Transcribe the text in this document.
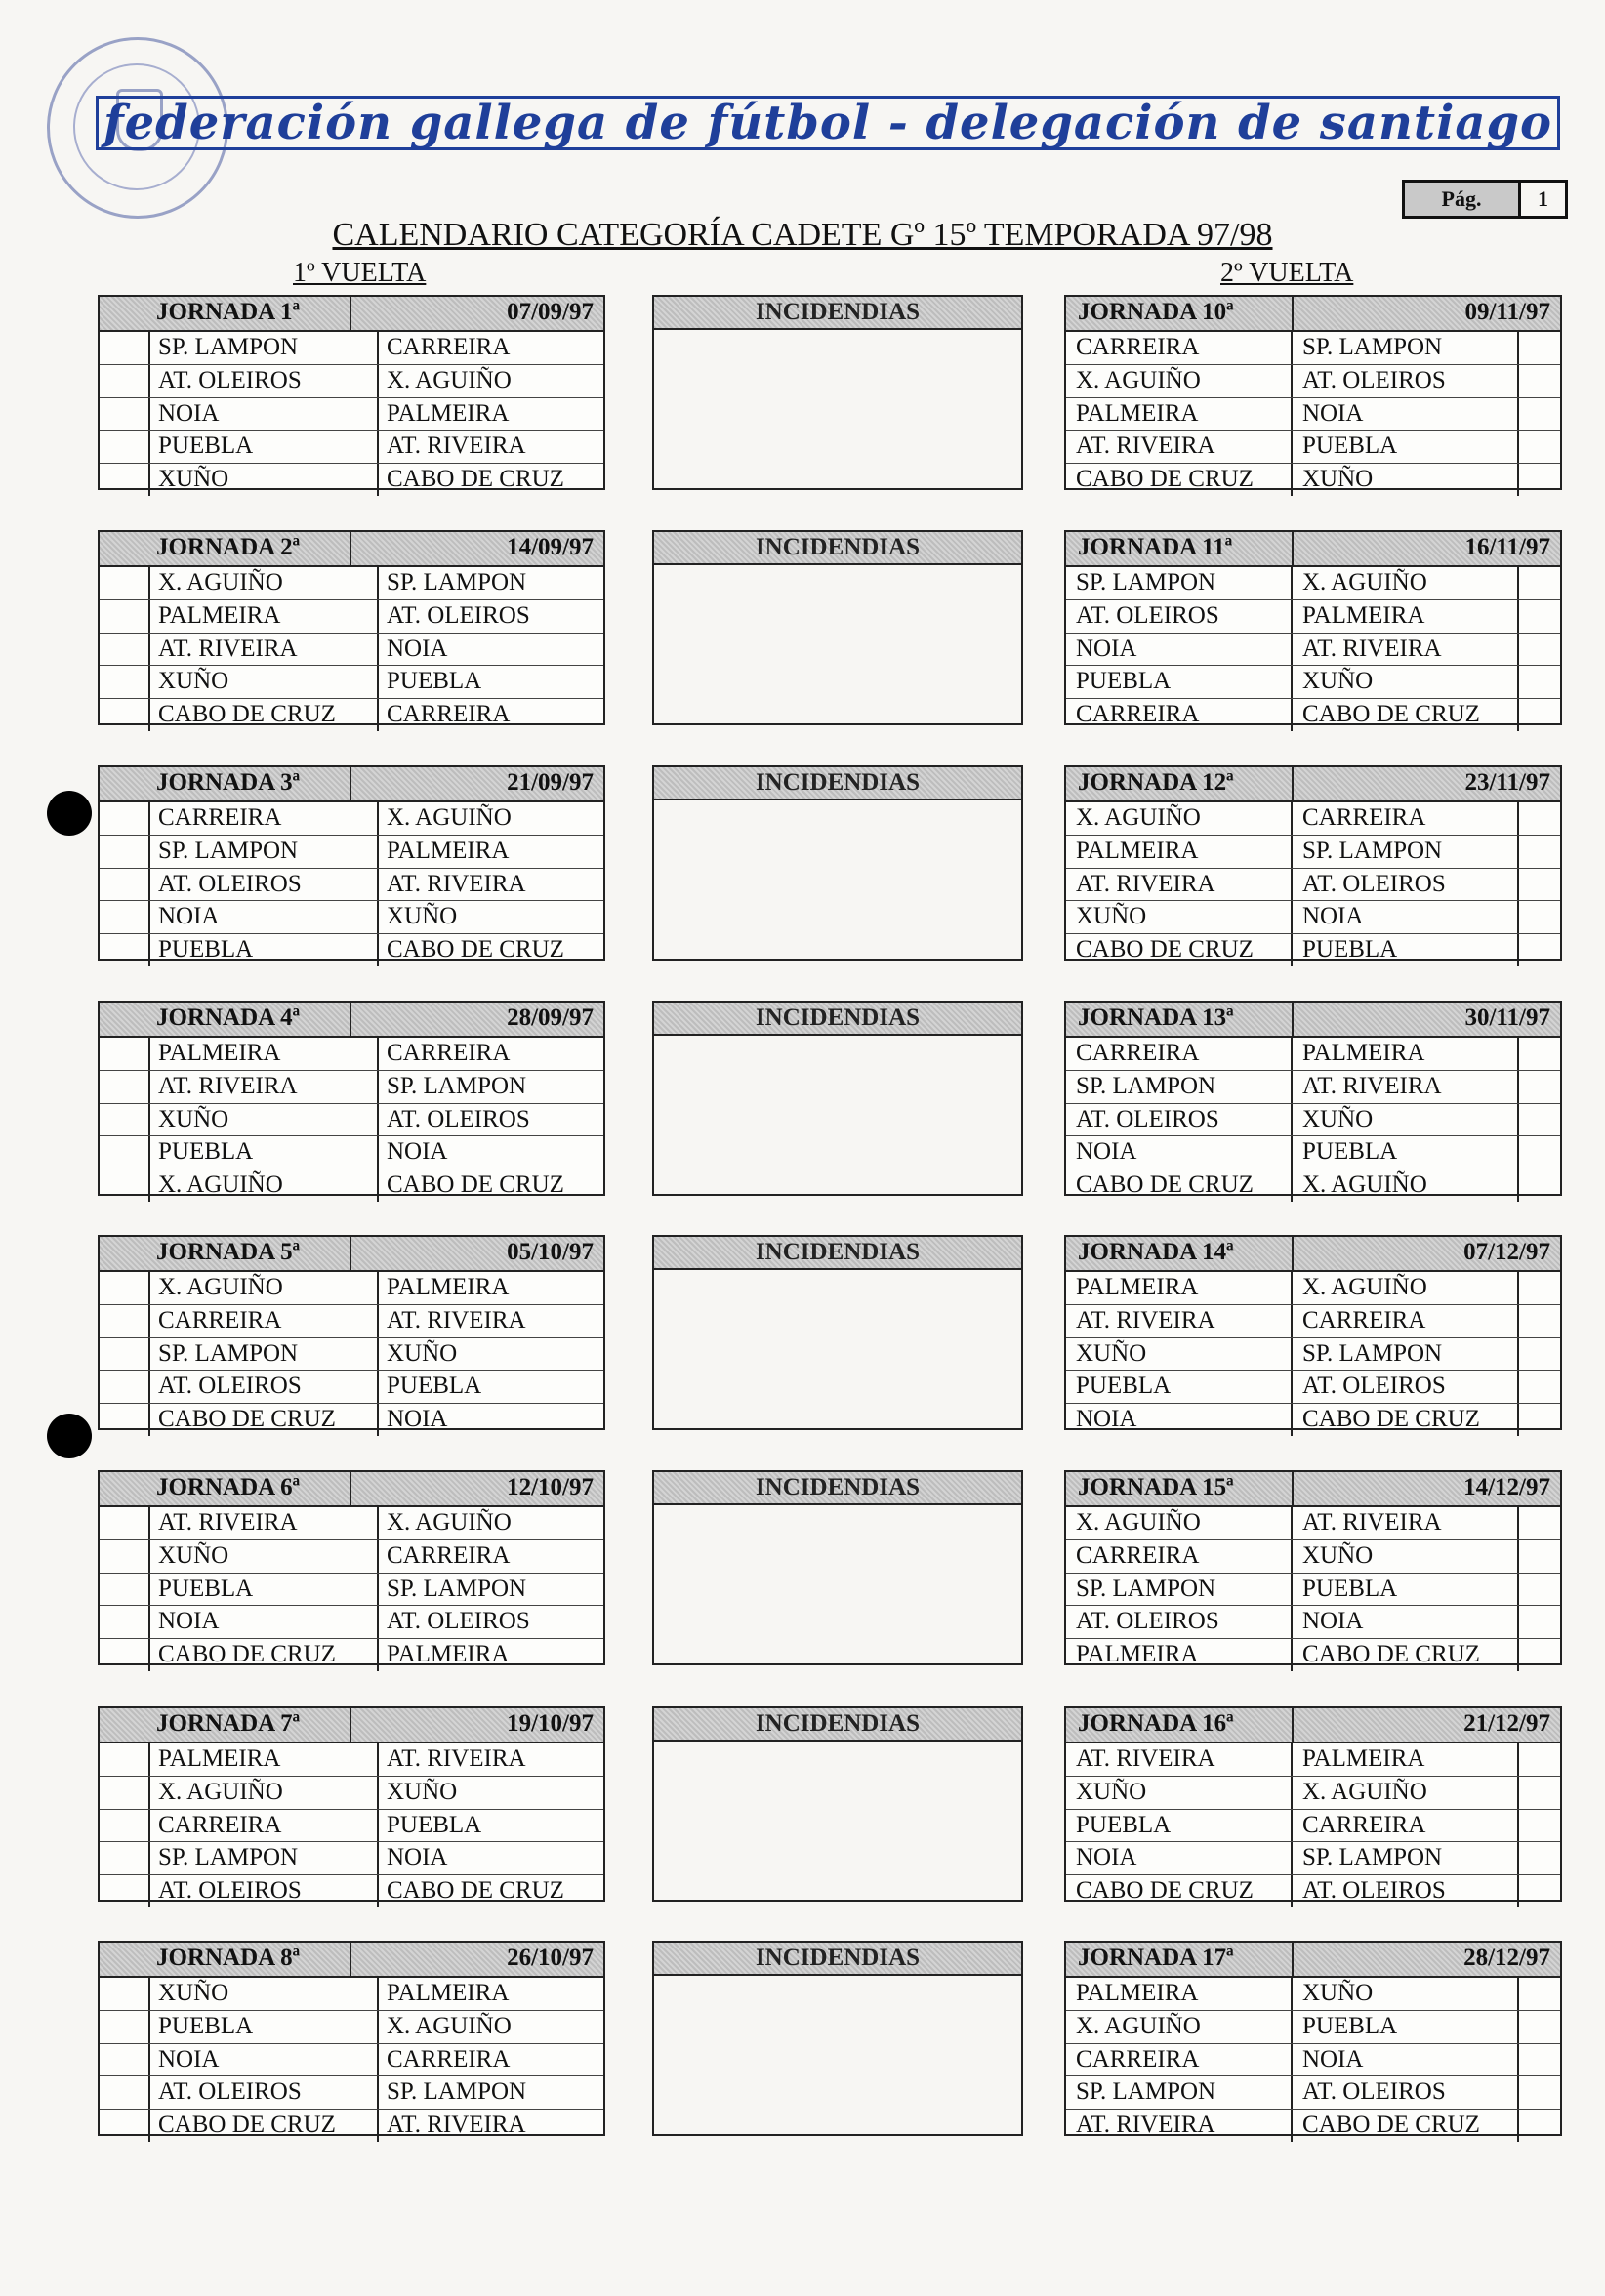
federación gallega de fútbol - delegación de santiago
Pág.	1
CALENDARIO CATEGORÍA CADETE Gº 15º TEMPORADA 97/98
1º VUELTA	2º VUELTA
JORNADA 1ª	07/09/97
SP. LAMPON	CARREIRA
AT. OLEIROS	X. AGUIÑO
NOIA	PALMEIRA
PUEBLA	AT. RIVEIRA
XUÑO	CABO DE CRUZ
INCIDENDIAS	JORNADA 10ª	09/11/97
CARREIRA	SP. LAMPON
X. AGUIÑO	AT. OLEIROS
PALMEIRA	NOIA
AT. RIVEIRA	PUEBLA
CABO DE CRUZ	XUÑO
JORNADA 2ª	14/09/97
X. AGUIÑO	SP. LAMPON
PALMEIRA	AT. OLEIROS
AT. RIVEIRA	NOIA
XUÑO	PUEBLA
CABO DE CRUZ	CARREIRA
INCIDENDIAS	JORNADA 11ª	16/11/97
SP. LAMPON	X. AGUIÑO
AT. OLEIROS	PALMEIRA
NOIA	AT. RIVEIRA
PUEBLA	XUÑO
CARREIRA	CABO DE CRUZ
JORNADA 3ª	21/09/97
CARREIRA	X. AGUIÑO
SP. LAMPON	PALMEIRA
AT. OLEIROS	AT. RIVEIRA
NOIA	XUÑO
PUEBLA	CABO DE CRUZ
INCIDENDIAS	JORNADA 12ª	23/11/97
X. AGUIÑO	CARREIRA
PALMEIRA	SP. LAMPON
AT. RIVEIRA	AT. OLEIROS
XUÑO	NOIA
CABO DE CRUZ	PUEBLA
JORNADA 4ª	28/09/97
PALMEIRA	CARREIRA
AT. RIVEIRA	SP. LAMPON
XUÑO	AT. OLEIROS
PUEBLA	NOIA
X. AGUIÑO	CABO DE CRUZ
INCIDENDIAS	JORNADA 13ª	30/11/97
CARREIRA	PALMEIRA
SP. LAMPON	AT. RIVEIRA
AT. OLEIROS	XUÑO
NOIA	PUEBLA
CABO DE CRUZ	X. AGUIÑO
JORNADA 5ª	05/10/97
X. AGUIÑO	PALMEIRA
CARREIRA	AT. RIVEIRA
SP. LAMPON	XUÑO
AT. OLEIROS	PUEBLA
CABO DE CRUZ	NOIA
INCIDENDIAS	JORNADA 14ª	07/12/97
PALMEIRA	X. AGUIÑO
AT. RIVEIRA	CARREIRA
XUÑO	SP. LAMPON
PUEBLA	AT. OLEIROS
NOIA	CABO DE CRUZ
JORNADA 6ª	12/10/97
AT. RIVEIRA	X. AGUIÑO
XUÑO	CARREIRA
PUEBLA	SP. LAMPON
NOIA	AT. OLEIROS
CABO DE CRUZ	PALMEIRA
INCIDENDIAS	JORNADA 15ª	14/12/97
X. AGUIÑO	AT. RIVEIRA
CARREIRA	XUÑO
SP. LAMPON	PUEBLA
AT. OLEIROS	NOIA
PALMEIRA	CABO DE CRUZ
JORNADA 7ª	19/10/97
PALMEIRA	AT. RIVEIRA
X. AGUIÑO	XUÑO
CARREIRA	PUEBLA
SP. LAMPON	NOIA
AT. OLEIROS	CABO DE CRUZ
INCIDENDIAS	JORNADA 16ª	21/12/97
AT. RIVEIRA	PALMEIRA
XUÑO	X. AGUIÑO
PUEBLA	CARREIRA
NOIA	SP. LAMPON
CABO DE CRUZ	AT. OLEIROS
JORNADA 8ª	26/10/97
XUÑO	PALMEIRA
PUEBLA	X. AGUIÑO
NOIA	CARREIRA
AT. OLEIROS	SP. LAMPON
CABO DE CRUZ	AT. RIVEIRA
INCIDENDIAS	JORNADA 17ª	28/12/97
PALMEIRA	XUÑO
X. AGUIÑO	PUEBLA
CARREIRA	NOIA
SP. LAMPON	AT. OLEIROS
AT. RIVEIRA	CABO DE CRUZ
